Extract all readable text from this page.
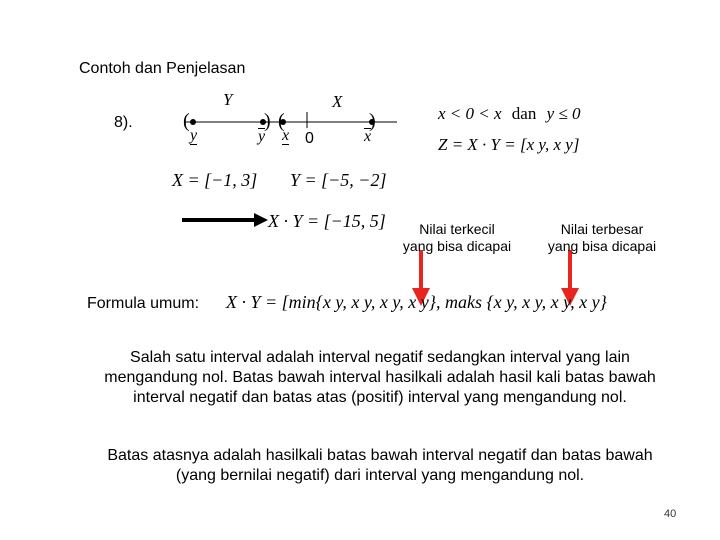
Contoh dan Penjelasan
8).	(	) (	)
Y	X
y	y x 0	x
x < 0 < x dan y ≤ 0
Z = X · Y = [x y, x y]
X = [−1, 3] Y = [−5, −2]
X · Y = [−15, 5]	Nilai terkecil
yang bisa dicapai
Nilai terbesar
yang bisa dicapai
Formula umum: X · Y = [min{x y, x y, x y, x y}, maks {x y, x y, x y, x y}
Salah satu interval adalah interval negatif sedangkan interval yang lain mengandung nol. Batas bawah interval hasilkali adalah hasil kali batas bawah interval negatif dan batas atas (positif) interval yang mengandung nol.
Batas atasnya adalah hasilkali batas bawah interval negatif dan batas bawah (yang bernilai negatif) dari interval yang mengandung nol.
40
